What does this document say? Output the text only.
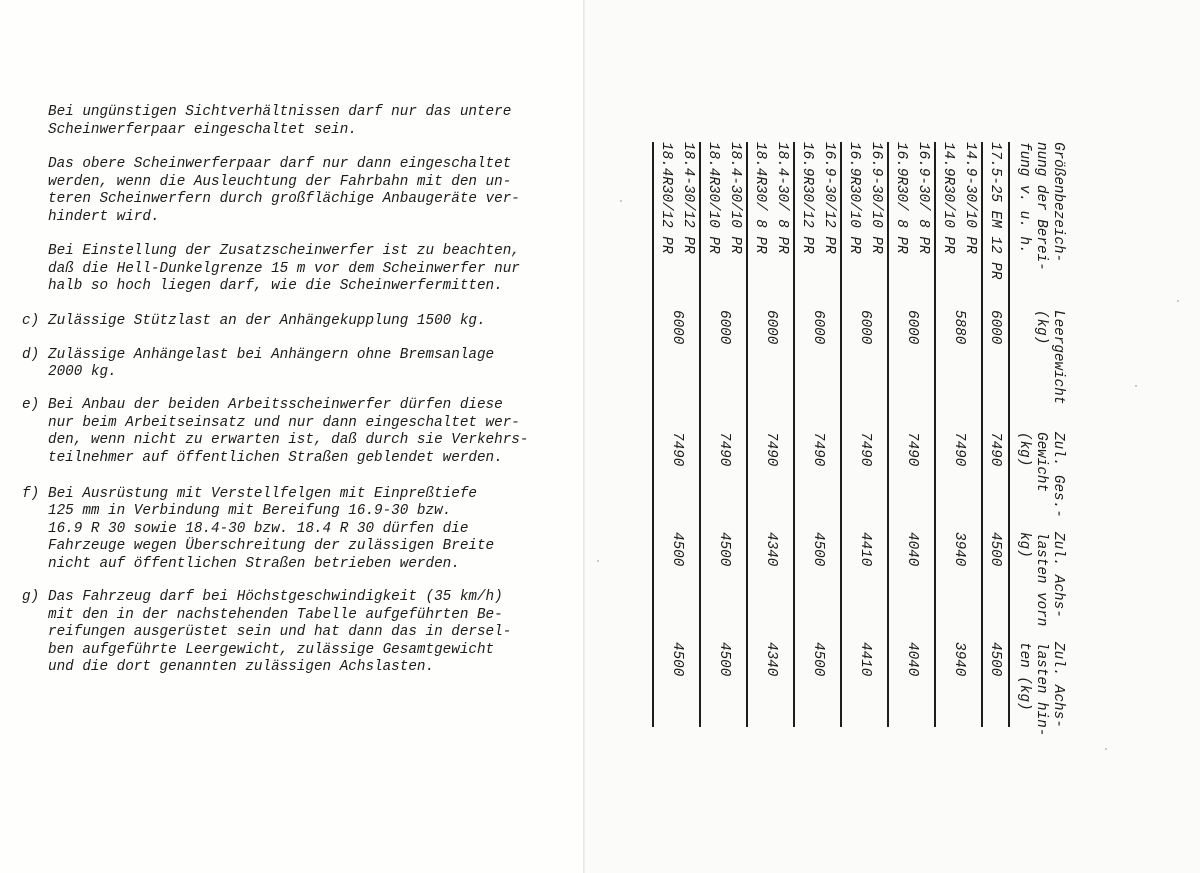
Bei ungünstigen Sichtverhältnissen darf nur das untere
Scheinwerferpaar eingeschaltet sein.
Das obere Scheinwerferpaar darf nur dann eingeschaltet
werden, wenn die Ausleuchtung der Fahrbahn mit den un-
teren Scheinwerfern durch großflächige Anbaugeräte ver-
hindert wird.
Bei Einstellung der Zusatzscheinwerfer ist zu beachten,
daß die Hell-Dunkelgrenze 15 m vor dem Scheinwerfer nur
halb so hoch liegen darf, wie die Scheinwerfermitten.
c) Zulässige Stützlast an der Anhängekupplung 1500 kg.
d) Zulässige Anhängelast bei Anhängern ohne Bremsanlage
2000 kg.
e) Bei Anbau der beiden Arbeitsscheinwerfer dürfen diese
nur beim Arbeitseinsatz und nur dann eingeschaltet wer-
den, wenn nicht zu erwarten ist, daß durch sie Verkehrs-
teilnehmer auf öffentlichen Straßen geblendet werden.
f) Bei Ausrüstung mit Verstellfelgen mit Einpreßtiefe
125 mm in Verbindung mit Bereifung 16.9-30 bzw.
16.9 R 30 sowie 18.4-30 bzw. 18.4 R 30 dürfen die
Fahrzeuge wegen Überschreitung der zulässigen Breite
nicht auf öffentlichen Straßen betrieben werden.
g) Das Fahrzeug darf bei Höchstgeschwindigkeit (35 km/h)
mit den in der nachstehenden Tabelle aufgeführten Be-
reifungen ausgerüstet sein und hat dann das in dersel-
ben aufgeführte Leergewicht, zulässige Gesamtgewicht
und die dort genannten zulässigen Achslasten.
Größenbezeich-
nung der Berei-
fung v. u. h.
Leergewicht
(kg)
Zul. Ges.-
Gewicht
(kg)
Zul. Achs-
lasten vorn
kg)
Zul. Achs-
lasten hin-
ten (kg)
17.5-25 EM 12 PR
6000
7490
4500
4500
14.9-30/10 PR
14.9R30/10 PR
5880
7490
3940
3940
16.9-30/ 8 PR
16.9R30/ 8 PR
6000
7490
4040
4040
16.9-30/10 PR
16.9R30/10 PR
6000
7490
4410
4410
16.9-30/12 PR
16.9R30/12 PR
6000
7490
4500
4500
18.4-30/ 8 PR
18.4R30/ 8 PR
6000
7490
4340
4340
18.4-30/10 PR
18.4R30/10 PR
6000
7490
4500
4500
18.4-30/12 PR
18.4R30/12 PR
6000
7490
4500
4500
